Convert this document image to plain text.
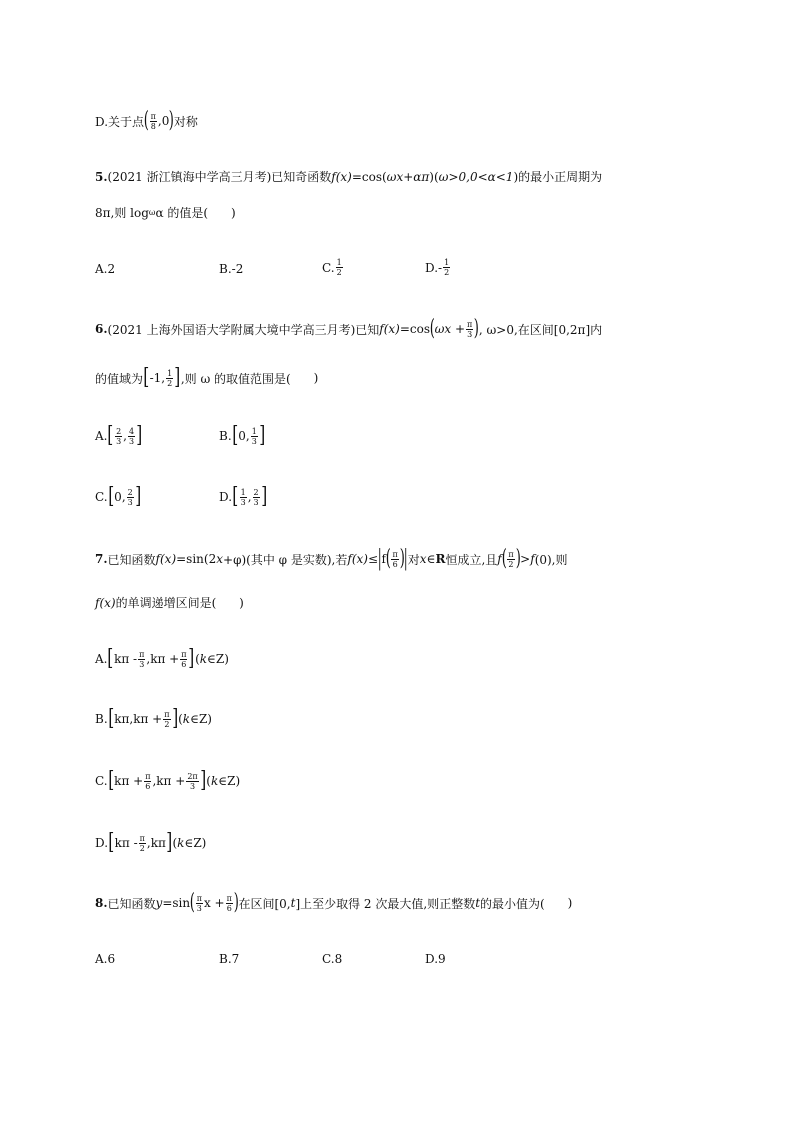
D.关于点 ( $\frac{\pi}{8} ,0$ ) 对称
5. (2021 浙江镇海中学高三月考)已知奇函数 f(x) =cos( ωx+απ )( ω>0,0<α<1 )的最小正周期为
8π,则 log ω α 的值是(
)
A. 2	B. -2	C. $\frac{1}{2}$	D. - $\frac{1}{2}$
6. (2021 上海外国语大学附属大境中学高三月考)已知 f(x) =cos ( $\omega x + \frac{\pi}{3}$ ) , ω>0,在区间[0,2π]内
的值域为 [ -1, $\frac{1}{2}$ ] ,则 ω 的取值范围是(
)
A. [ $\frac{2}{3}$ , $\frac{4}{3}$ ]	B. [ 0 , $\frac{1}{3}$ ]
C. [ 0 , $\frac{2}{3}$ ]	D. [ $\frac{1}{3}$ , $\frac{2}{3}$ ]
7. 已知函数 f(x) =sin(2 x +φ)(其中 φ 是实数),若 f(x) ≤ | f ( $\frac{\pi}{6}$ ) | 对 x ∈ R 恒成立,且 f ( $\frac{\pi}{2}$ ) > f (0),则
f(x) 的单调递增区间是(
)
A. [ $k\pi - \frac{\pi}{3} ,k\pi + \frac{\pi}{6}$ ] ( k ∈Z)
B. [ $k\pi,k\pi + \frac{\pi}{2}$ ] ( k ∈Z)
C. [ $k\pi + \frac{\pi}{6} ,k\pi + \frac{2\pi}{3}$ ] ( k ∈Z)
D. [ kπ - $\frac{\pi}{2} ,k\pi$ ] ( k ∈Z)
8. 已知函数 y =sin ( $\frac{\pi}{3}$ $x + \frac{\pi}{6}$ ) 在区间[0, t ]上至少取得 2 次最大值,则正整数 t 的最小值为(
)
A. 6	B. 7	C. 8	D. 9
